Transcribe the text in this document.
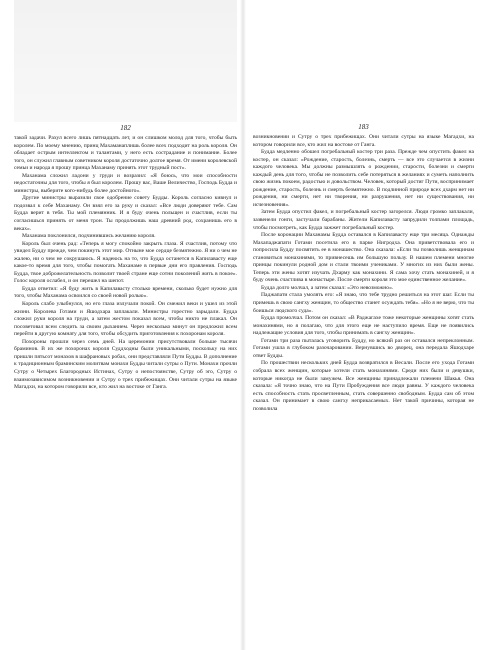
182

такой задачи. Рахул всего лишь пятнадцать лет, и он слишком молод для того, чтобы быть королем. По моему мнению, принц Махаманаплишь более всех подходит на роль короля. Он обладает острым интеллектом и талантами, у него есть сострадание и понимание. Более того, он служил главным советником короля достаточно долгое время. От имени королевской семьи и народа я прошу принца Маханаму принять этот трудный пост».

Маханама сложил ладони у груди и возразил: «Я боюсь, что мои способности недостаточны для того, чтобы я был королем. Прошу вас, Ваше Величество, Господь Будда и министры, выберите кого-нибудь более достойного».

Другие министры выразили свое одобрение совету Будды. Король согласно кивнул и подозвал к себе Маханаму. Он взял его за руку и сказал: «Все люди доверяют тебе. Сам Будда верит в тебя. Ты мой племянник. И я буду очень польщен и счастлив, если ты согласишься принять от меня трон. Ты продолжишь наш древний род, сохранишь его в веках».

Маханама поклонился, подчинившись желанию короля.

Король был очень рад: «Теперь я могу спокойно закрыть глаза. Я счастлив, потому что увидел Будду прежде, чем покинуть этот мир. Отныне мое сердце безмятежно. Я ни о чем не жалею, ни о чем не сокрушаюсь. Я надеюсь на то, что Будда останется в Капилавасту еще какое-то время для того, чтобы помогать Маханаме в первые дни его правления. Господь Будда, твое доброжелательность позволит твоей стране еще сотни поколений жить в покое». Голос короля ослабел, и он перешел на шепот.

Будда ответил: «Я буду жить в Капилавасту столько времени, сколько будет нужно для того, чтобы Маханама освоился со своей новой ролью».

Король слабо улыбнулся, но его глаза излучали покой. Он смежил веки и ушел из этой жизни. Королева Готами и Яшодхара заплакали. Министры горестно зарыдали. Будда сложил руки короля на груди, а затем жестом показал всем, чтобы никто не плакал. Он посоветовал всем следить за своим дыханием. Через несколько минут он предложил всем перейти в другую комнату для того, чтобы обсудить приготовления к похоронам короля.

Похороны прошли через семь дней. На церемонии присутствовали больше тысячи браминов. В их же похоронах короля Суддходны были уникальными, поскольку на них пришли пятьсот монахов в шафрановых робах, они представляли Пути Будды. В дополнение к традиционным браминским молитвам монахи Будды читали сутры о Пути. Монахи прочли Сутру о Четырех Благородных Истинах, Сутру о непостоянстве, Сутру об эго, Сутру о взаимозависимом возникновении и Сутру о трех прибежищах. Они читали сутры на языке Магадхи, на котором говорили все, кто жил на востоке от Ганга.

183

возникновении и Сутру о трех прибежищах. Они читали сутры на языке Магадхи, на котором говорили все, кто жил на востоке от Ганга.

Будда медленно обошел погребальный костер три раза. Прежде чем опустить факел на костер, он сказал: «Рождение, старость, болезнь, смерть — все это случается в жизни каждого человека. Мы должны размышлять о рождении, старости, болезни и смерти каждый день для того, чтобы не позволить себе потеряться в желаниях и суметь наполнить свою жизнь покоем, радостью и довольством. Человек, который достиг Пути, воспринимает рождение, старость, болезнь и смерть безмятежно. В подлинной природе всех дхарм нет ни рождения, ни смерти, нет ни творения, ни разрушения, нет ни существования, ни исчезновения».

Затем Будда опустил факел, и погребальный костер загорелся. Люди громко заплакали, зазвенели гонги, застучали барабаны. Жители Капилавасту запрудили толпами площадь, чтобы посмотреть, как Будда зажжет погребальный костер.

После коронации Маханамы Будда оставался в Капилавасту еще три месяца. Однажды Махападжапати Готами посетила его в парке Нигродха. Она приветствовала его и попросила Будду посвятить ее в монашество. Она сказала: «Если ты позволишь женщинам становиться монахинями, то привнесешь им большую пользу. В нашем племени многие принцы покинули родной дом и стали твоими учениками. У многих из них были жены. Теперь эти жены хотят изучать Дхарму как монахини. Я сама хочу стать монахиней, и я буду очень счастлива в монастыре. После смерти короля это мое единственное желание».

Будда долго молчал, а затем сказал: «Это невозможно».

Паджапати стала умолять его: «Я знаю, что тебе трудно решиться на этот шаг. Если ты примешь в свою сангху женщин, то общество станет осуждать тебя». «Но я не верю, что ты боишься людского суда».

Будда промолчал. Потом он сказал: «В Раджагахе тоже некоторые женщины хотят стать монахинями, но я полагаю, что для этого еще не наступило время. Еще не появились надлежащие условия для того, чтобы принимать в сангху женщин».

Готами три раза пыталась уговорить Будду, но всякий раз он оставался непреклонным. Готами ушла в глубоком разочаровании. Вернувшись во дворец, она передала Яшодхаре ответ Будды.

По прошествии нескольких дней Будда возвратился в Весали. После его ухода Готами собрала всех женщин, которые хотели стать монахинями. Среди них были и девушки, которые никогда не были замужем. Все женщины принадлежали племени Шакья. Она сказала: «Я точно знаю, что на Пути Пробуждения все люди равны. У каждого человека есть способность стать просветленным, стать совершенно свободным. Будда сам об этом сказал. Он принимает в свою сангху неприкасаемых. Нет такой причины, которая не позволила
